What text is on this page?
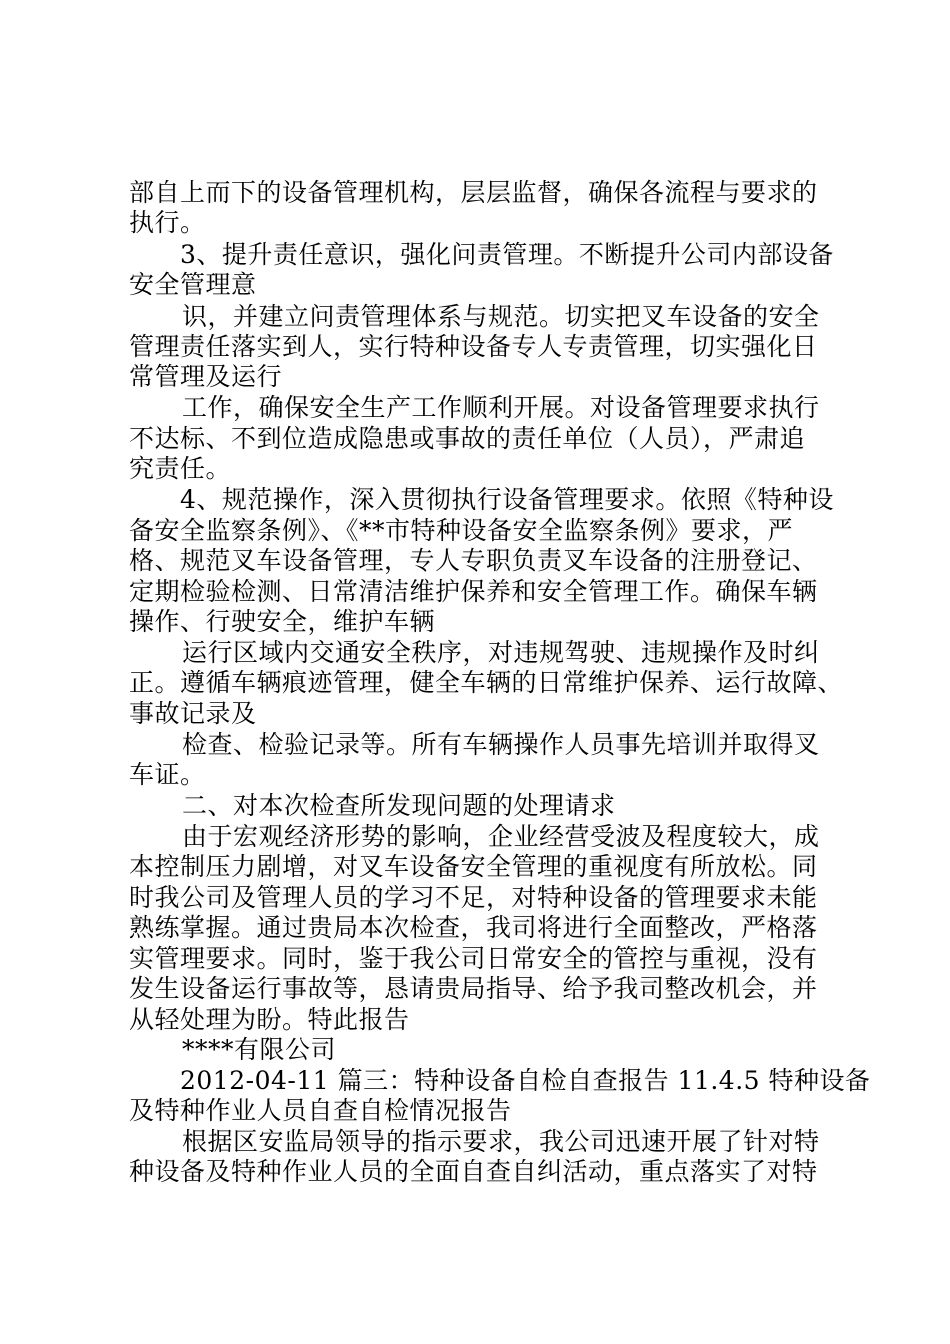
部自上而下的设备管理机构，层层监督，确保各流程与要求的
执行。
3、提升责任意识，强化问责管理。不断提升公司内部设备
安全管理意
识，并建立问责管理体系与规范。切实把叉车设备的安全
管理责任落实到人，实行特种设备专人专责管理，切实强化日
常管理及运行
工作，确保安全生产工作顺利开展。对设备管理要求执行
不达标、不到位造成隐患或事故的责任单位（人员），严肃追
究责任。
4、规范操作，深入贯彻执行设备管理要求。依照《特种设
备安全监察条例》、《**市特种设备安全监察条例》要求，严
格、规范叉车设备管理，专人专职负责叉车设备的注册登记、
定期检验检测、日常清洁维护保养和安全管理工作。确保车辆
操作、行驶安全，维护车辆
运行区域内交通安全秩序，对违规驾驶、违规操作及时纠
正。遵循车辆痕迹管理，健全车辆的日常维护保养、运行故障、
事故记录及
检查、检验记录等。所有车辆操作人员事先培训并取得叉
车证。
二、对本次检查所发现问题的处理请求
由于宏观经济形势的影响，企业经营受波及程度较大，成
本控制压力剧增，对叉车设备安全管理的重视度有所放松。同
时我公司及管理人员的学习不足，对特种设备的管理要求未能
熟练掌握。通过贵局本次检查，我司将进行全面整改，严格落
实管理要求。同时，鉴于我公司日常安全的管控与重视，没有
发生设备运行事故等，恳请贵局指导、给予我司整改机会，并
从轻处理为盼。特此报告
****有限公司
2012-04-11 篇三：特种设备自检自查报告 11.4.5 特种设备
及特种作业人员自查自检情况报告
根据区安监局领导的指示要求，我公司迅速开展了针对特
种设备及特种作业人员的全面自查自纠活动，重点落实了对特
